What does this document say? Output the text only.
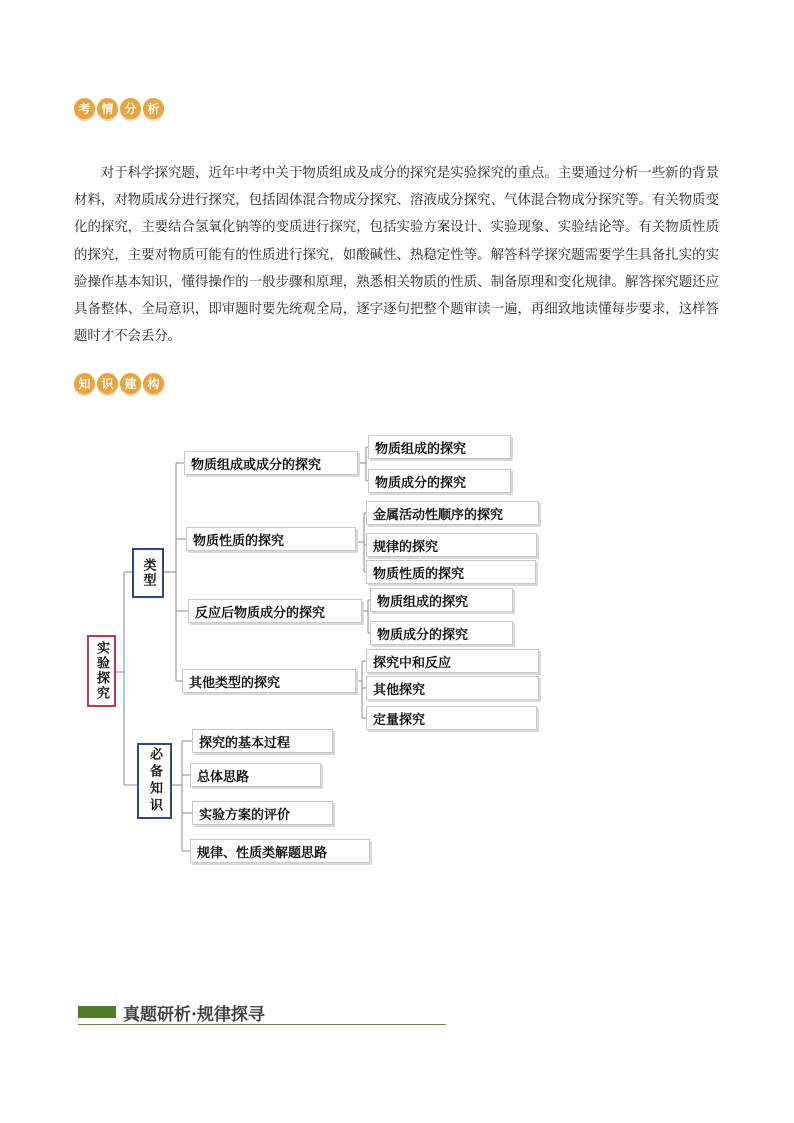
考 情 分 析

对于科学探究题，近年中考中关于物质组成及成分的探究是实验探究的重点。主要通过分析一些新的背景材料，对物质成分进行探究，包括固体混合物成分探究、溶液成分探究、气体混合物成分探究等。有关物质变化的探究，主要结合氢氧化钠等的变质进行探究，包括实验方案设计、实验现象、实验结论等。有关物质性质的探究，主要对物质可能有的性质进行探究，如酸碱性、热稳定性等。解答科学探究题需要学生具备扎实的实验操作基本知识，懂得操作的一般步骤和原理，熟悉相关物质的性质、制备原理和变化规律。解答探究题还应具备整体、全局意识，即审题时要先统观全局，逐字逐句把整个题审读一遍，再细致地读懂每步要求，这样答题时才不会丢分。

知 识 建 构
实验探究
类型
必备知识
物质组成或成分的探究
物质性质的探究
反应后物质成分的探究
其他类型的探究
物质组成的探究
物质成分的探究
金属活动性顺序的探究
规律的探究
物质性质的探究
物质组成的探究
物质成分的探究
探究中和反应
其他探究
定量探究
探究的基本过程
总体思路
实验方案的评价
规律、性质类解题思路
真题研析·规律探寻
